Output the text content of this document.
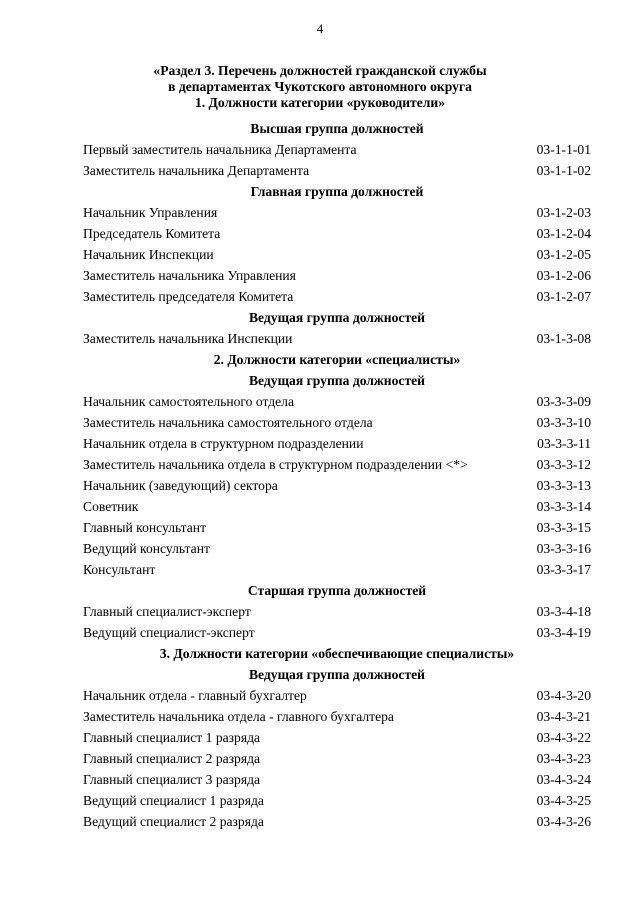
4
«Раздел 3. Перечень должностей гражданской службы
в департаментах Чукотского автономного округа
1. Должности категории «руководители»
Высшая группа должностей
Первый заместитель начальника Департамента	03-1-1-01
Заместитель начальника Департамента	03-1-1-02
Главная группа должностей
Начальник Управления	03-1-2-03
Председатель Комитета	03-1-2-04
Начальник Инспекции	03-1-2-05
Заместитель начальника Управления	03-1-2-06
Заместитель председателя Комитета	03-1-2-07
Ведущая группа должностей
Заместитель начальника Инспекции	03-1-3-08
2. Должности категории «специалисты»
Ведущая группа должностей
Начальник самостоятельного отдела	03-3-3-09
Заместитель начальника самостоятельного отдела	03-3-3-10
Начальник отдела в структурном подразделении	03-3-3-11
Заместитель начальника отдела в структурном подразделении <*>	03-3-3-12
Начальник (заведующий) сектора	03-3-3-13
Советник	03-3-3-14
Главный консультант	03-3-3-15
Ведущий консультант	03-3-3-16
Консультант	03-3-3-17
Старшая группа должностей
Главный специалист-эксперт	03-3-4-18
Ведущий специалист-эксперт	03-3-4-19
3. Должности категории «обеспечивающие специалисты»
Ведущая группа должностей
Начальник отдела - главный бухгалтер	03-4-3-20
Заместитель начальника отдела - главного бухгалтера	03-4-3-21
Главный специалист 1 разряда	03-4-3-22
Главный специалист 2 разряда	03-4-3-23
Главный специалист 3 разряда	03-4-3-24
Ведущий специалист 1 разряда	03-4-3-25
Ведущий специалист 2 разряда	03-4-3-26
